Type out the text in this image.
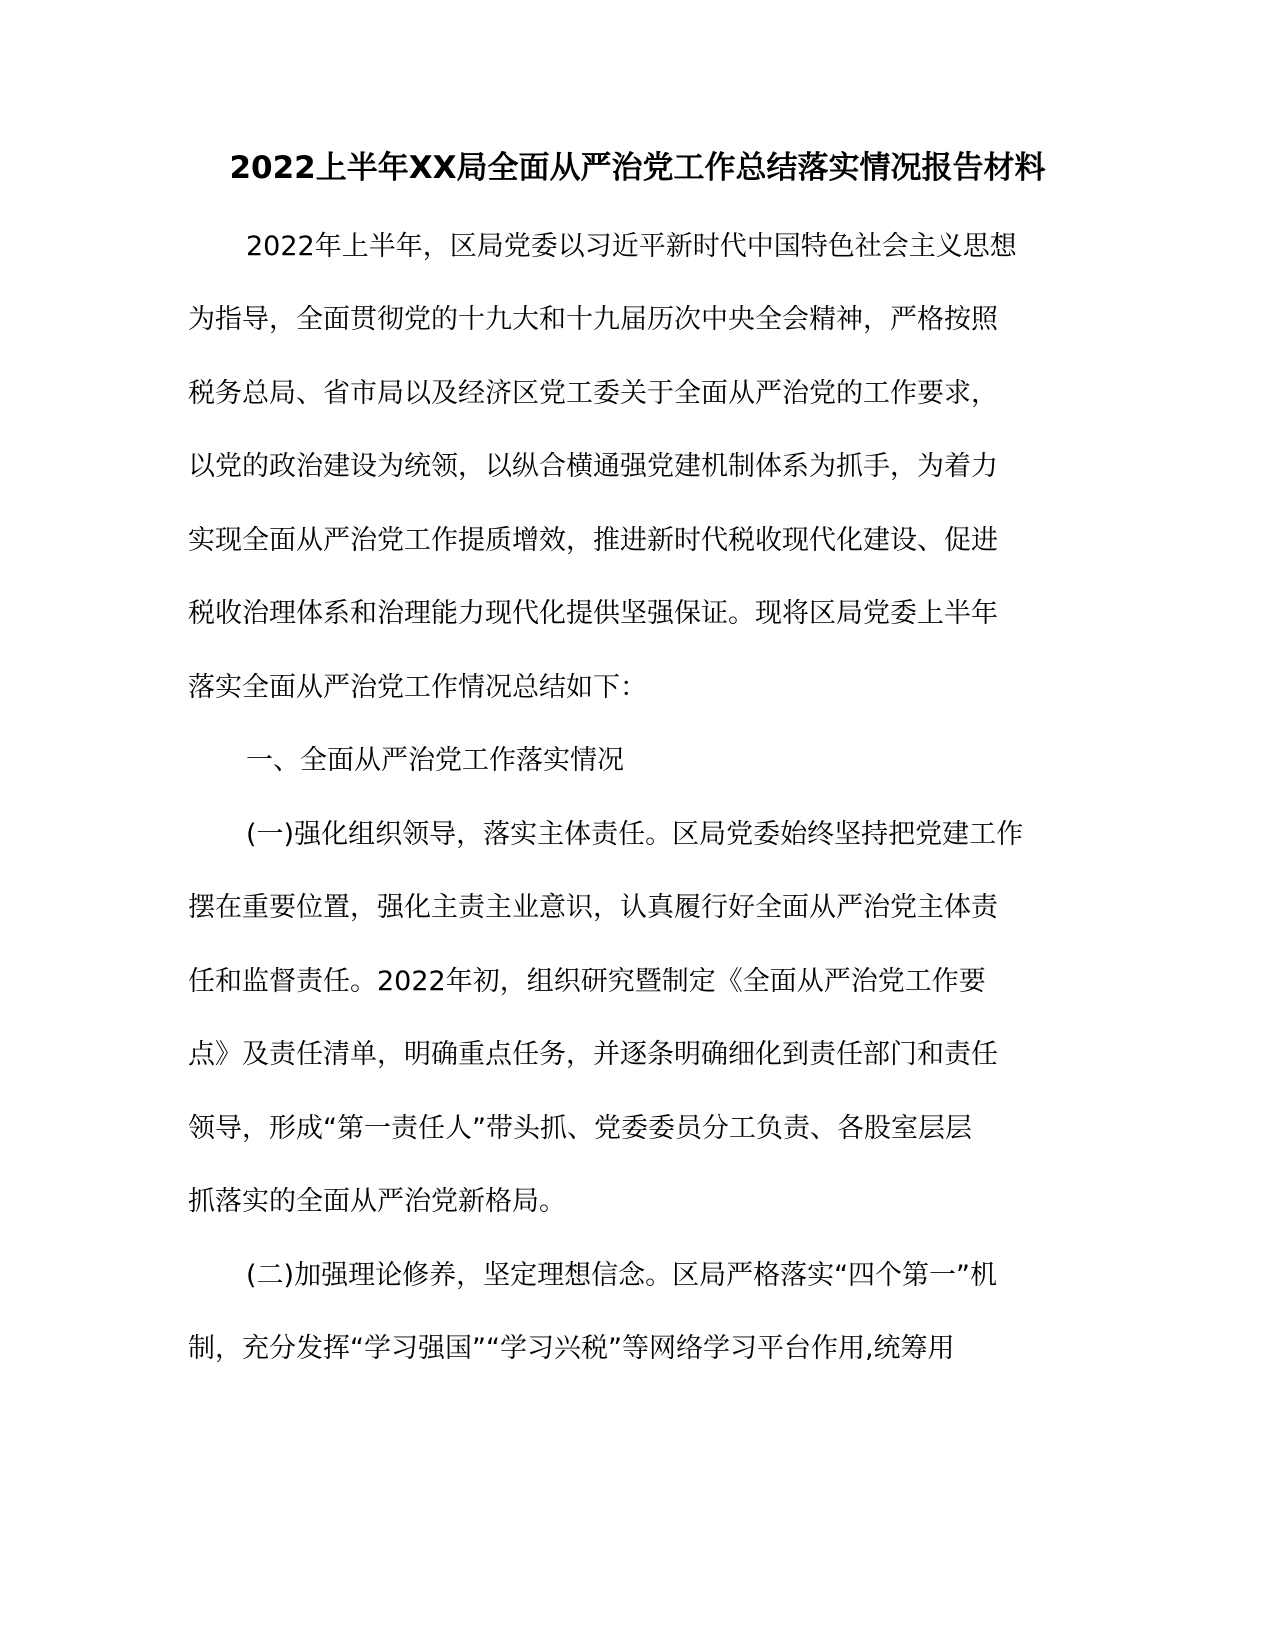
2022上半年XX局全面从严治党工作总结落实情况报告材料
2022年上半年，区局党委以习近平新时代中国特色社会主义思想
为指导，全面贯彻党的十九大和十九届历次中央全会精神，严格按照
税务总局、省市局以及经济区党工委关于全面从严治党的工作要求，
以党的政治建设为统领，以纵合横通强党建机制体系为抓手，为着力
实现全面从严治党工作提质增效，推进新时代税收现代化建设、促进
税收治理体系和治理能力现代化提供坚强保证。现将区局党委上半年
落实全面从严治党工作情况总结如下：
一、全面从严治党工作落实情况
(一)强化组织领导，落实主体责任。区局党委始终坚持把党建工作
摆在重要位置，强化主责主业意识，认真履行好全面从严治党主体责
任和监督责任。2022年初，组织研究暨制定《全面从严治党工作要
点》及责任清单，明确重点任务，并逐条明确细化到责任部门和责任
领导，形成“第一责任人”带头抓、党委委员分工负责、各股室层层
抓落实的全面从严治党新格局。
(二)加强理论修养，坚定理想信念。区局严格落实“四个第一”机
制，充分发挥“学习强国”“学习兴税”等网络学习平台作用,统筹用
